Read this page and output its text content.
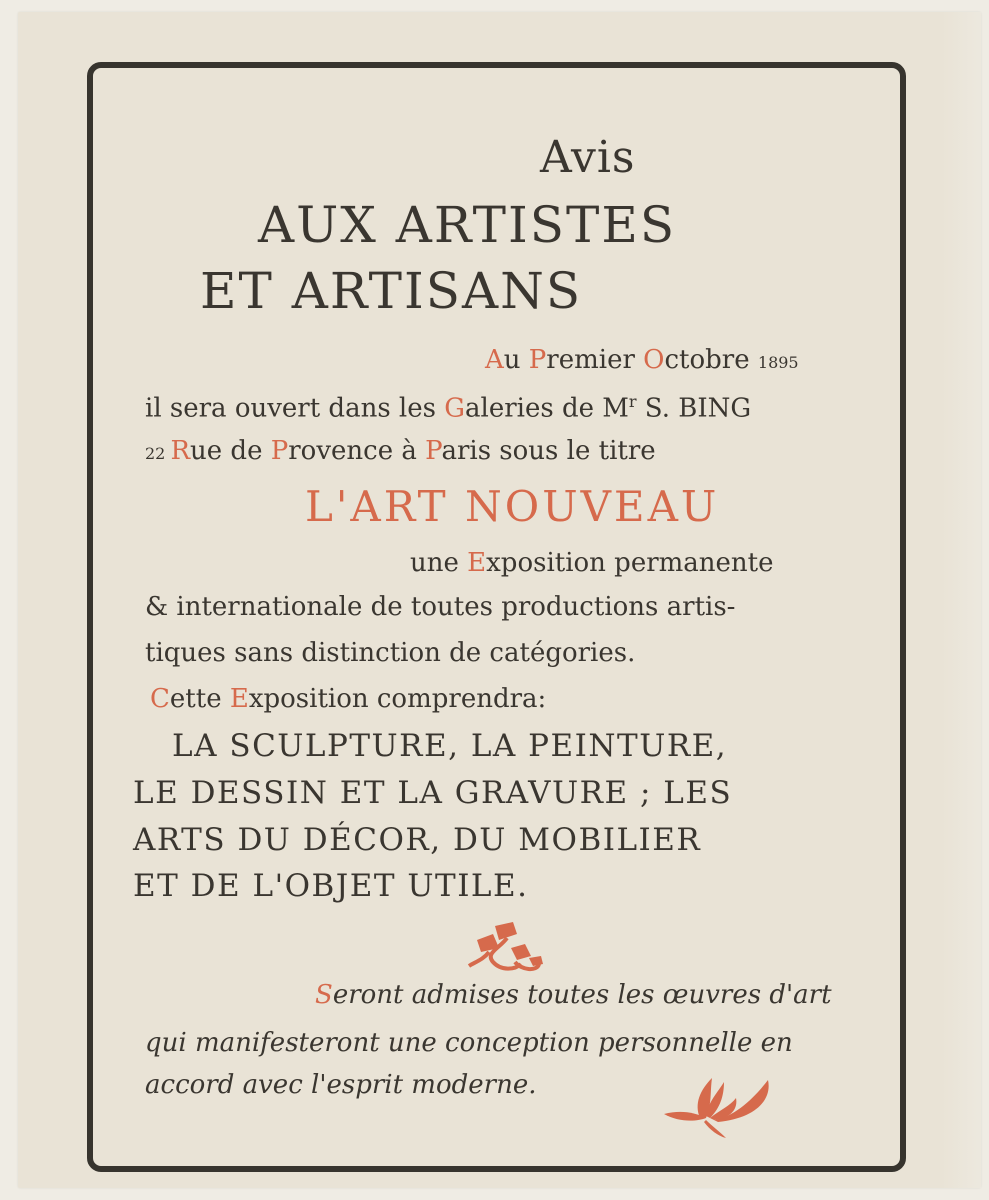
Avis
AUX ARTISTES
ET ARTISANS
Au Premier Octobre 1895
il sera ouvert dans les Galeries de $M^r$ S. BING
22 Rue de Provence à Paris sous le titre
L'ART NOUVEAU
une Exposition permanente
& internationale de toutes productions artis-
tiques sans distinction de catégories.
Cette Exposition comprendra:
LA SCULPTURE, LA PEINTURE,
LE DESSIN ET LA GRAVURE ; LES
ARTS DU DÉCOR, DU MOBILIER
ET DE L'OBJET UTILE.
Seront admises toutes les œuvres d'art
qui manifesteront une conception personnelle en
accord avec l'esprit moderne.
